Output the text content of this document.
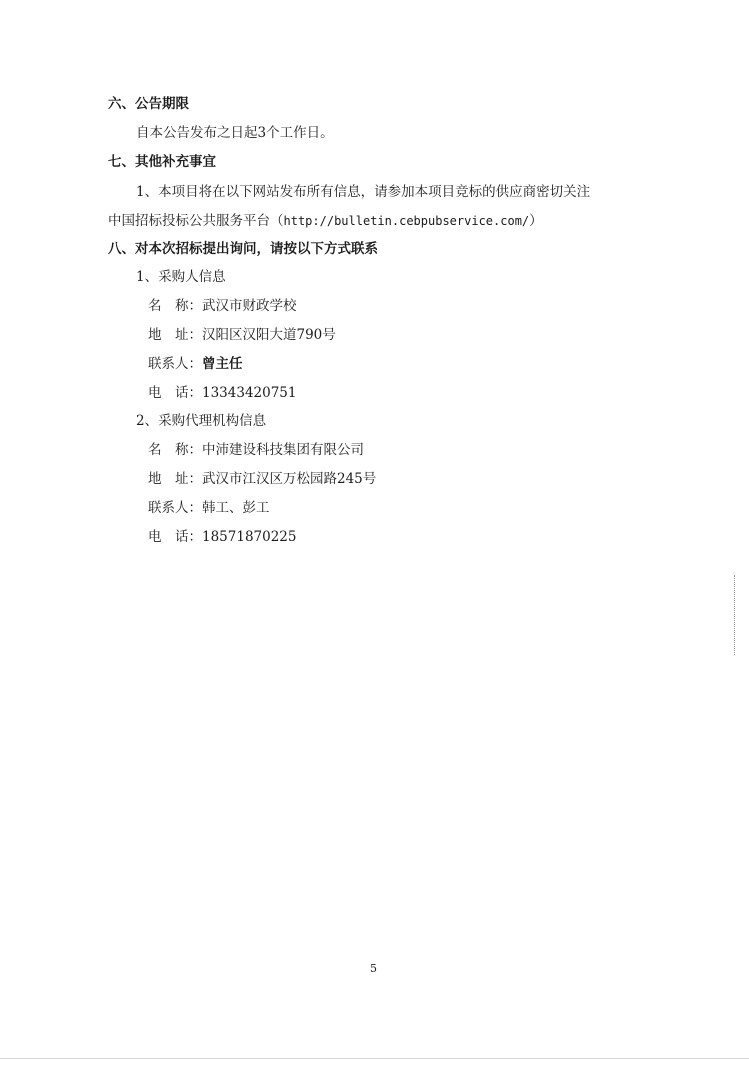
六、公告期限
自本公告发布之日起3个工作日。
七、其他补充事宜
1、本项目将在以下网站发布所有信息，请参加本项目竞标的供应商密切关注
中国招标投标公共服务平台（http://bulletin.cebpubservice.com/）
八、对本次招标提出询问，请按以下方式联系
1、采购人信息
名　称：武汉市财政学校
地　址：汉阳区汉阳大道790号
联系人：曾主任
电　话：13343420751
2、采购代理机构信息
名　称：中沛建设科技集团有限公司
地　址：武汉市江汉区万松园路245号
联系人：韩工、彭工
电　话：18571870225
5
